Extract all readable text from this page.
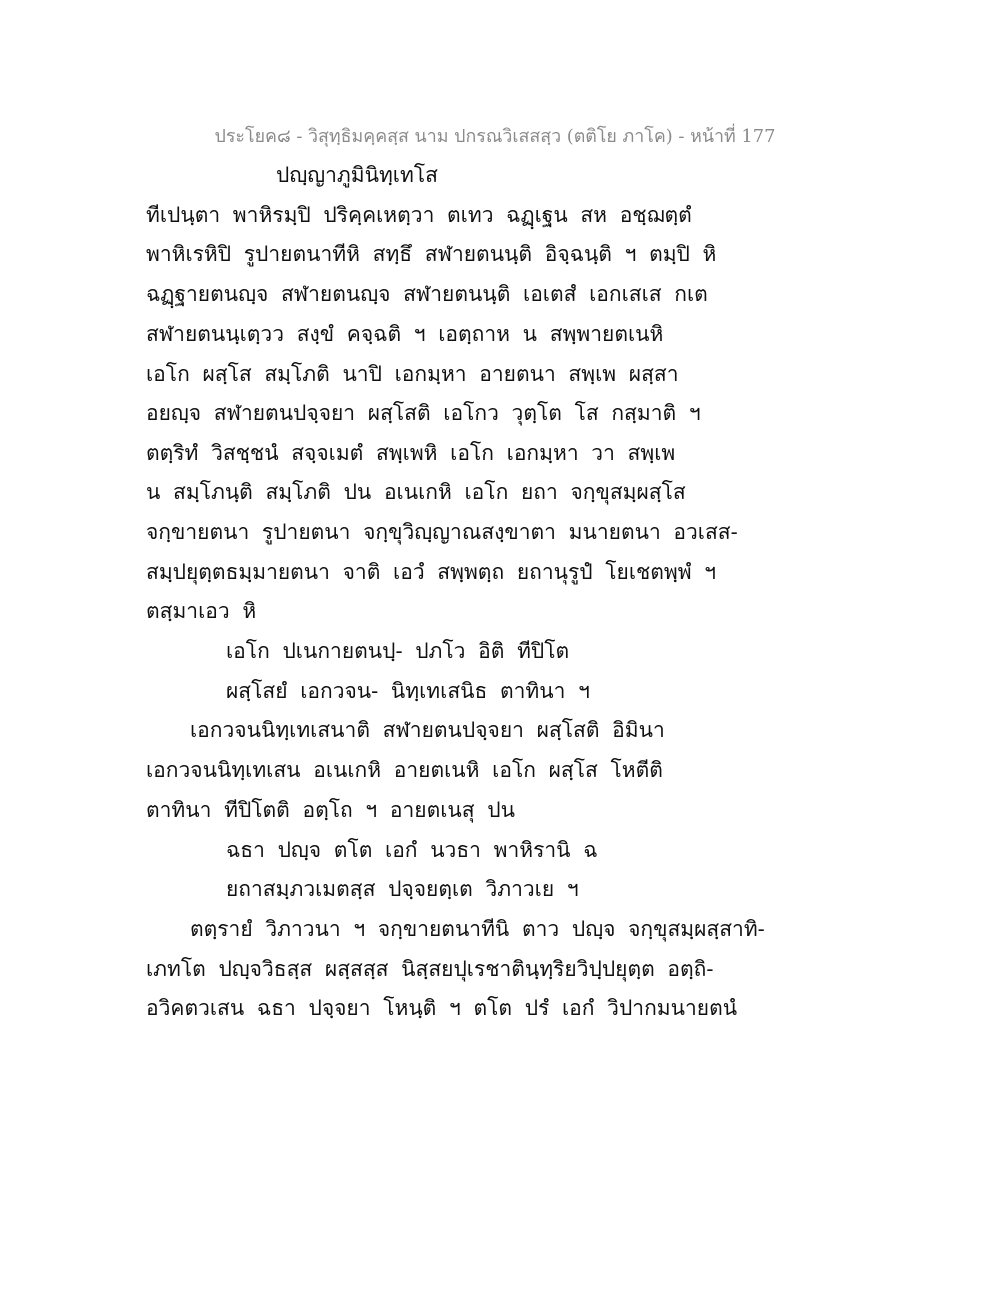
ประโยค๘ - วิสุทฺธิมคฺคสฺส นาม ปกรณวิเสสสฺว (ตติโย ภาโค) - หน้าที่ 177
ปญฺญาภูมินิทฺเทโส
ทีเปนฺตา พาหิรมฺปิ ปริคฺคเหตฺวา ตเทว ฉฏฺเฐน สห อชฺฌตฺตํ
พาหิเรหิปิ รูปายตนาทีหิ สทฺธึ สฬายตนนฺติ อิจฺฉนฺติ ฯ ตมฺปิ หิ
ฉฏฺฐายตนญฺจ สฬายตนญฺจ สฬายตนนฺติ เอเตสํ เอกเสเส กเต
สฬายตนนฺเตฺวว สงฺขํ คจฺฉติ ฯ เอตฺถาห น สพฺพายตเนหิ
เอโก ผสฺโส สมฺโภติ นาปิ เอกมฺหา อายตนา สพฺเพ ผสฺสา
อยญฺจ สฬายตนปจฺจยา ผสฺโสติ เอโกว วุตฺโต โส กสฺมาติ ฯ
ตตฺริทํ วิสชฺชนํ สจฺจเมตํ สพฺเพหิ เอโก เอกมฺหา วา สพฺเพ
น สมฺโภนฺติ สมฺโภติ ปน อเนเกหิ เอโก ยถา จกฺขุสมฺผสฺโส
จกฺขายตนา รูปายตนา จกฺขุวิญฺญาณสงฺขาตา มนายตนา อวเสส-
สมฺปยุตฺตธมฺมายตนา จาติ เอวํ สพฺพตฺถ ยถานุรูปํ โยเชตพฺพํ ฯ
ตสฺมาเอว หิ
เอโก ปเนกายตนปฺ- ปภโว อิติ ทีปิโต
ผสฺโสยํ เอกวจน- นิทฺเทเสนิธ ตาทินา ฯ
เอกวจนนิทฺเทเสนาติ สฬายตนปจฺจยา ผสฺโสติ อิมินา
เอกวจนนิทฺเทเสน อเนเกหิ อายตเนหิ เอโก ผสฺโส โหตีติ
ตาทินา ทีปิโตติ อตฺโถ ฯ อายตเนสุ ปน
ฉธา ปญฺจ ตโต เอกํ นวธา พาหิรานิ ฉ
ยถาสมฺภวเมตสฺส ปจฺจยตฺเต วิภาวเย ฯ
ตตฺรายํ วิภาวนา ฯ จกฺขายตนาทีนิ ตาว ปญฺจ จกฺขุสมฺผสฺสาทิ-
เภทโต ปญฺจวิธสฺส ผสฺสสฺส นิสฺสยปุเรชาตินฺทฺริยวิปฺปยุตฺต อตฺถิ-
อวิคตวเสน ฉธา ปจฺจยา โหนฺติ ฯ ตโต ปรํ เอกํ วิปากมนายตนํ
